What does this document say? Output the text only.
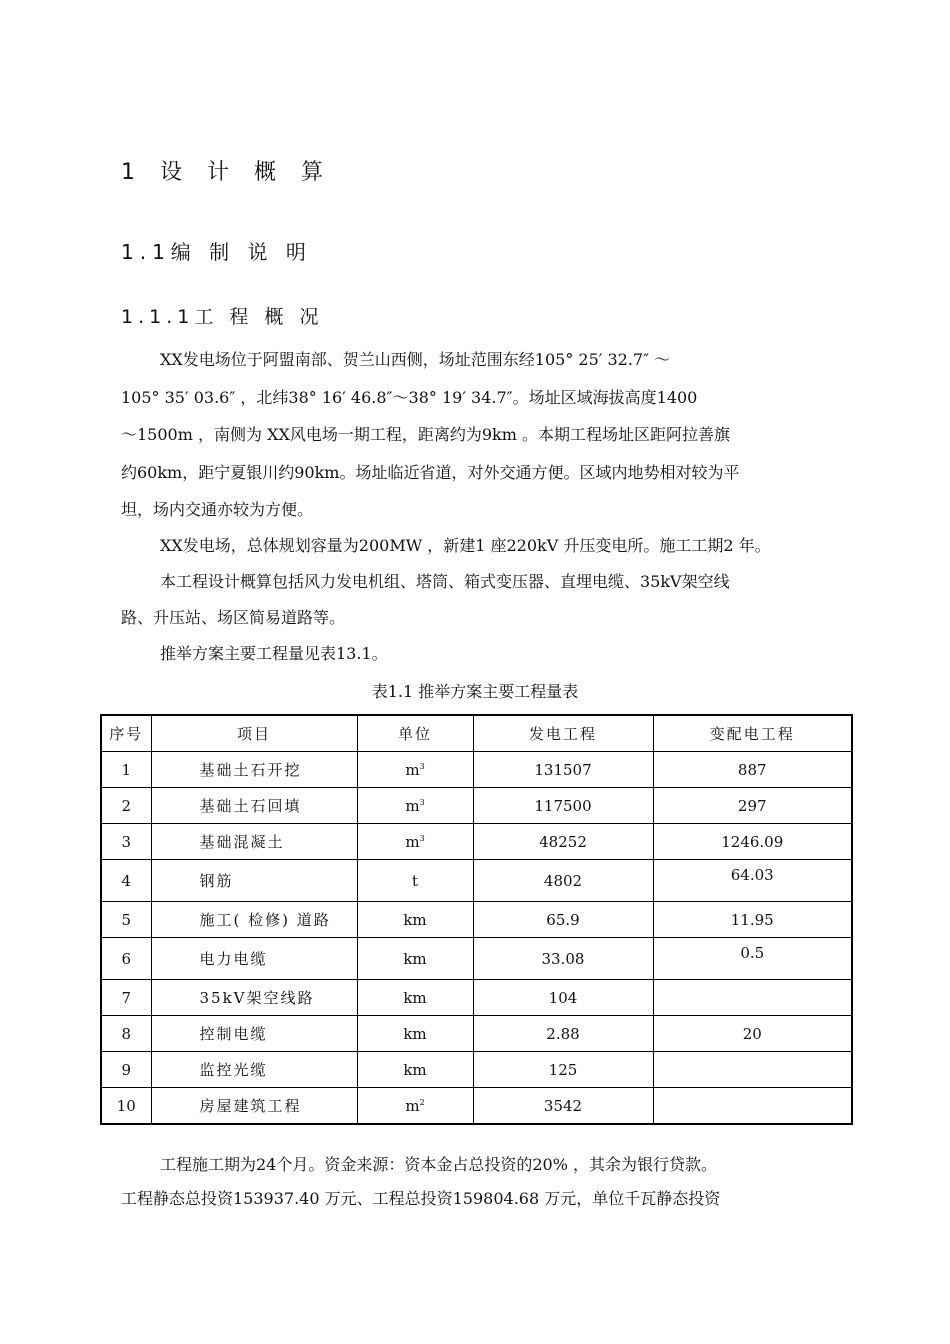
1 设 计 概 算
1.1编 制 说 明
1.1.1工 程 概 况
XX发电场位于阿盟南部、贺兰山西侧，场址范围东经105° 25′ 32.7″ ～
105° 35′ 03.6″ ，北纬38° 16′ 46.8″～38° 19′ 34.7″。场址区域海拔高度1400
～1500m ，南侧为 XX风电场一期工程，距离约为9km 。本期工程场址区距阿拉善旗
约60km，距宁夏银川约90km。场址临近省道，对外交通方便。区域内地势相对较为平
坦，场内交通亦较为方便。
XX发电场，总体规划容量为200MW ，新建1 座220kV 升压变电所。施工工期2 年。
本工程设计概算包括风力发电机组、塔筒、箱式变压器、直埋电缆、35kV架空线
路、升压站、场区简易道路等。
推举方案主要工程量见表13.1。
表1.1 推举方案主要工程量表
序号	项目	单位	发电工程	变配电工程
1	基础土石开挖	$m^3$	131507	887
2	基础土石回填	$m^3$	117500	297
3	基础混凝土	$m^3$	48252	1246.09
4	钢筋	t	4802	64.03
5	施工( 检修) 道路	km	65.9	11.95
6	电力电缆	km	33.08	0.5
7	35kV架空线路	km	104	
8	控制电缆	km	2.88	20
9	监控光缆	km	125	
10	房屋建筑工程	$m^2$	3542	
工程施工期为24个月。资金来源：资本金占总投资的20% ，其余为银行贷款。
工程静态总投资153937.40 万元、工程总投资159804.68 万元，单位千瓦静态投资
